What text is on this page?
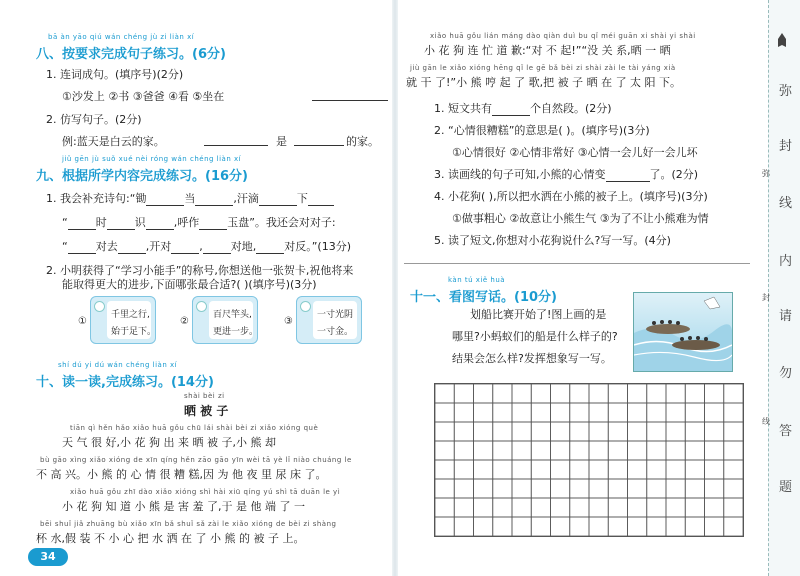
弥
封
线
内
请
勿
答
题
弥
封
线
bā àn yāo qiú wán chéng jù zi liàn xí
八、按要求完成句子练习。(6分)
1. 连词成句。(填序号)(2分)
①沙发上 ②书 ③爸爸 ④看 ⑤坐在
2. 仿写句子。(2分)
例:蓝天是白云的家。	是	的家。
jiǔ gēn jù suǒ xué nèi róng wán chéng liàn xí
九、根据所学内容完成练习。(16分)
1. 我会补充诗句:“锄	当	,汗滴	下
“	时	识	,呼作	玉盘”。我还会对对子:
“	对去	,开对	,	对地,	对反。”(13分)
2. 小明获得了“学习小能手”的称号,你想送他一张贺卡,祝他将来
能取得更大的进步,下面哪张最合适?( )(填序号)(3分)
①
千里之行,
始于足下。
②
百尺竿头,
更进一步。
③
一寸光阴
一寸金。
shí dú yi dú wán chéng liàn xí
十、读一读,完成练习。(14分)
shài bèi zi
晒 被 子
tiān qì hěn hǎo xiǎo huā gǒu chū lái shài bèi zi xiǎo xióng què
天 气 很 好,小 花 狗 出 来 晒 被 子,小 熊 却
bù gāo xìng xiǎo xióng de xīn qíng hěn zāo gāo yīn wèi tā yè lǐ niào chuáng le
不 高 兴。小 熊 的 心 情 很 糟 糕,因 为 他 夜 里 尿 床 了。
xiǎo huā gǒu zhī dào xiǎo xióng shì hài xiū qíng yú shì tā duān le yì
小 花 狗 知 道 小 熊 是 害 羞 了,于 是 他 端 了 一
bēi shuǐ jiǎ zhuāng bù xiǎo xīn bǎ shuǐ sǎ zài le xiǎo xióng de bèi zi shàng
杯 水,假 装 不 小 心 把 水 洒 在 了 小 熊 的 被 子 上。
34
xiǎo huā gǒu lián máng dào qiàn duì bu qǐ méi guān xi shài yi shài
小 花 狗 连 忙 道 歉:“对 不 起!”“没 关 系,晒 一 晒
jiù gān le xiǎo xióng hēng qǐ le gē bǎ bèi zi shài zài le tài yáng xià
就 干 了!”小 熊 哼 起 了 歌,把 被 子 晒 在 了 太 阳 下。
1. 短文共有	个自然段。(2分)
2. “心情很糟糕”的意思是( )。(填序号)(3分)
①心情很好 ②心情非常好 ③心情一会儿好一会儿坏
3. 读画线的句子可知,小熊的心情变	了。(2分)
4. 小花狗( ),所以把水洒在小熊的被子上。(填序号)(3分)
①做事粗心 ②故意让小熊生气 ③为了不让小熊难为情
5. 读了短文,你想对小花狗说什么?写一写。(4分)
kàn tú xiě huà
十一、看图写话。(10分)
划船比赛开始了!图上画的是
哪里?小蚂蚁们的船是什么样子的?
结果会怎么样?发挥想象写一写。
